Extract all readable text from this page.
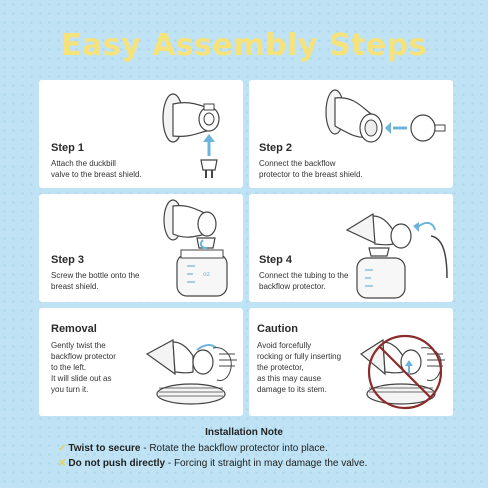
Easy Assembly Steps
Step 1
Attach the duckbill
valve to the breast shield.
Step 2
Connect the backflow
protector to the breast shield.
oz
Step 3
Screw the bottle onto the
breast shield.
Step 4
Connect the tubing to the
backflow protector.
Removal
Gently twist the
backflow protector
to the left.
It will slide out as
you turn it.
Caution
Avoid forcefully
rocking or fully inserting
the protector,
as this may cause
damage to its stem.
Installation Note
✓ Twist to secure - Rotate the backflow protector into place.
✕ Do not push directly - Forcing it straight in may damage the valve.
